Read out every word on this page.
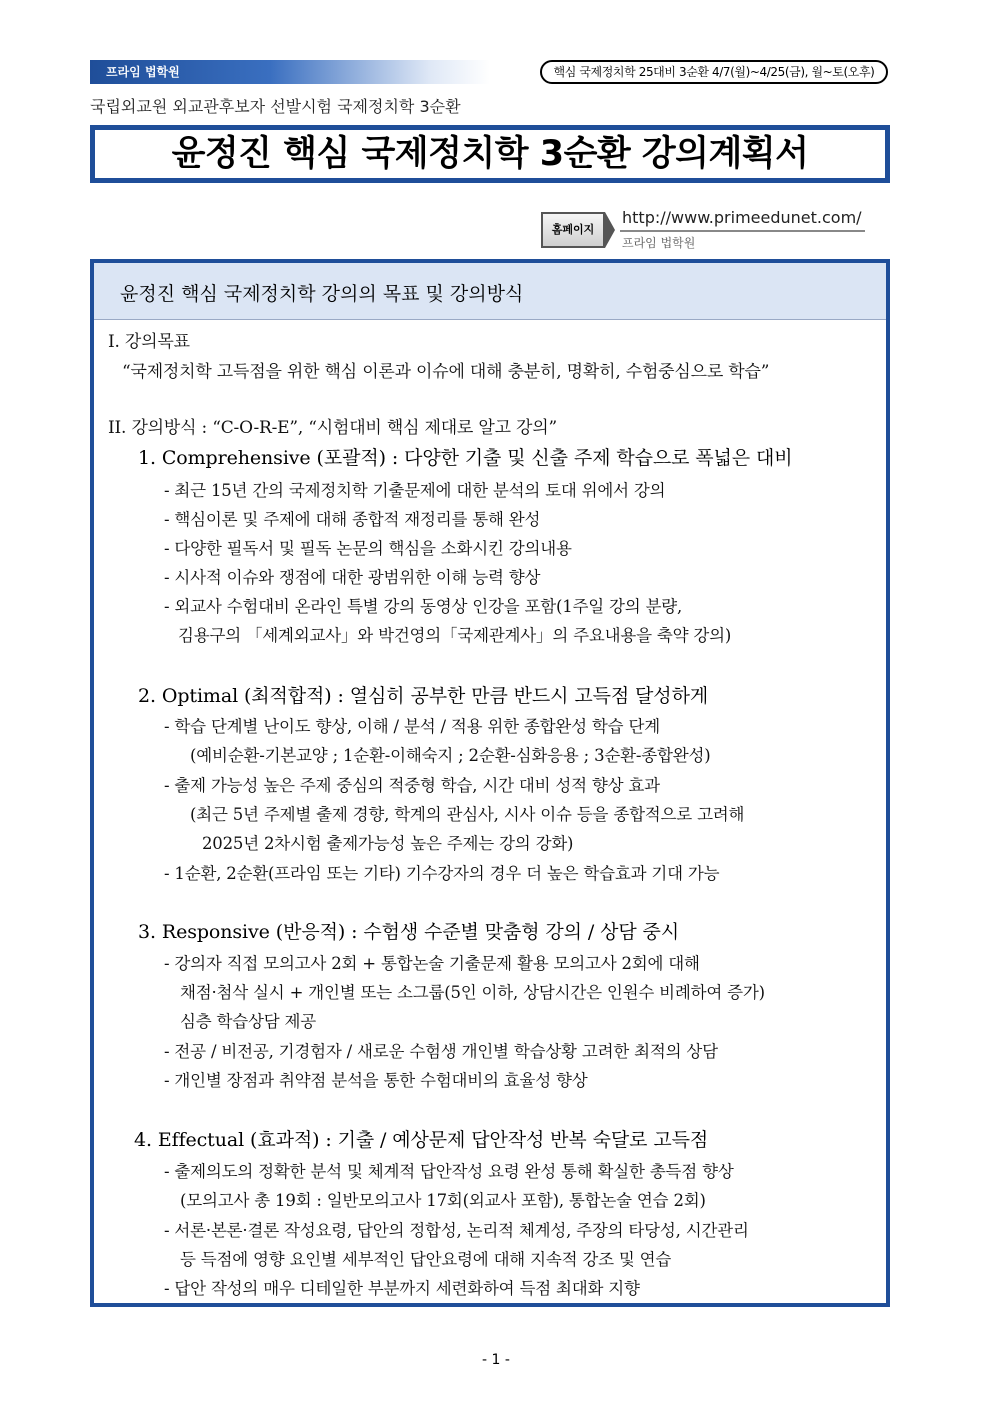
프라임 법학원	핵심 국제정치학 25대비 3순환 4/7(월)~4/25(금), 월~토(오후)
국립외교원 외교관후보자 선발시험 국제정치학 3순환
윤정진 핵심 국제정치학 3순환 강의계획서
홈페이지
http://www.primeedunet.com/
프라임 법학원
윤정진 핵심 국제정치학 강의의 목표 및 강의방식
I. 강의목표
“국제정치학 고득점을 위한 핵심 이론과 이슈에 대해 충분히, 명확히, 수험중심으로 학습”
II. 강의방식 : “C-O-R-E”, “시험대비 핵심 제대로 알고 강의”
1. Comprehensive (포괄적) : 다양한 기출 및 신출 주제 학습으로 폭넓은 대비
- 최근 15년 간의 국제정치학 기출문제에 대한 분석의 토대 위에서 강의
- 핵심이론 및 주제에 대해 종합적 재정리를 통해 완성
- 다양한 필독서 및 필독 논문의 핵심을 소화시킨 강의내용
- 시사적 이슈와 쟁점에 대한 광범위한 이해 능력 향상
- 외교사 수험대비 온라인 특별 강의 동영상 인강을 포함(1주일 강의 분량,
김용구의 「세계외교사」와 박건영의「국제관계사」의 주요내용을 축약 강의)
2. Optimal (최적합적) : 열심히 공부한 만큼 반드시 고득점 달성하게
- 학습 단계별 난이도 향상, 이해 / 분석 / 적용 위한 종합완성 학습 단계
(예비순환-기본교양 ; 1순환-이해숙지 ; 2순환-심화응용 ; 3순환-종합완성)
- 출제 가능성 높은 주제 중심의 적중형 학습, 시간 대비 성적 향상 효과
(최근 5년 주제별 출제 경향, 학계의 관심사, 시사 이슈 등을 종합적으로 고려해
2025년 2차시험 출제가능성 높은 주제는 강의 강화)
- 1순환, 2순환(프라임 또는 기타) 기수강자의 경우 더 높은 학습효과 기대 가능
3. Responsive (반응적) : 수험생 수준별 맞춤형 강의 / 상담 중시
- 강의자 직접 모의고사 2회 + 통합논술 기출문제 활용 모의고사 2회에 대해
채점·첨삭 실시 + 개인별 또는 소그룹(5인 이하, 상담시간은 인원수 비례하여 증가)
심층 학습상담 제공
- 전공 / 비전공, 기경험자 / 새로운 수험생 개인별 학습상황 고려한 최적의 상담
- 개인별 장점과 취약점 분석을 통한 수험대비의 효율성 향상
4. Effectual (효과적) : 기출 / 예상문제 답안작성 반복 숙달로 고득점
- 출제의도의 정확한 분석 및 체계적 답안작성 요령 완성 통해 확실한 총득점 향상
(모의고사 총 19회 : 일반모의고사 17회(외교사 포함), 통합논술 연습 2회)
- 서론·본론·결론 작성요령, 답안의 정합성, 논리적 체계성, 주장의 타당성, 시간관리
등 득점에 영향 요인별 세부적인 답안요령에 대해 지속적 강조 및 연습
- 답안 작성의 매우 디테일한 부분까지 세련화하여 득점 최대화 지향
- 1 -
